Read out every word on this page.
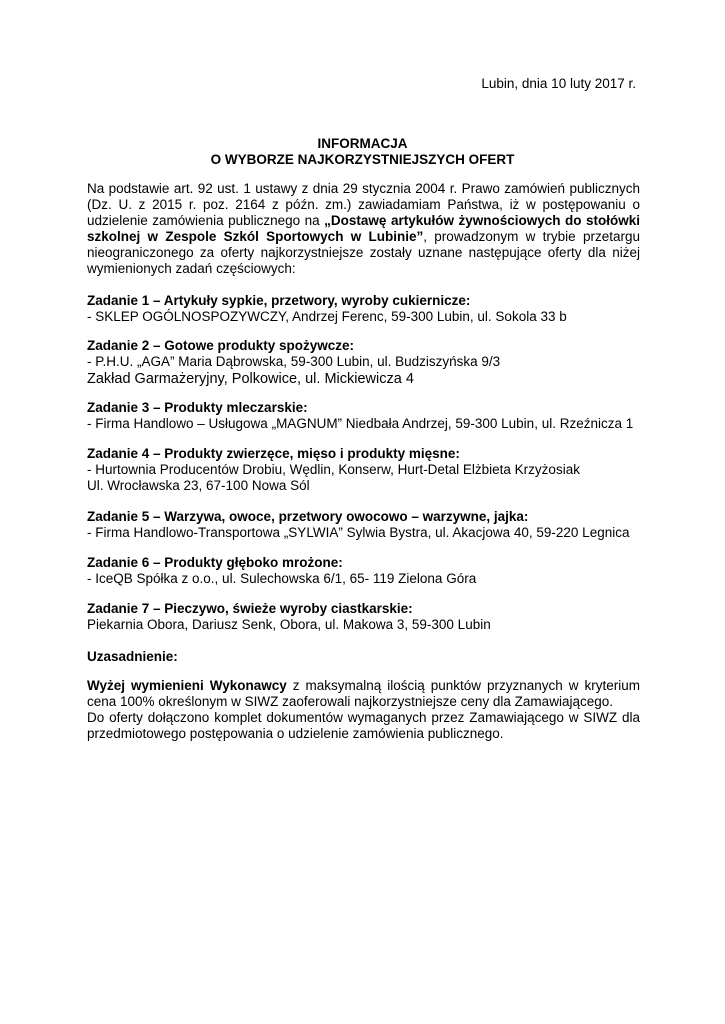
Lubin, dnia 10 luty 2017 r.
INFORMACJA
O WYBORZE NAJKORZYSTNIEJSZYCH OFERT
Na podstawie art. 92 ust. 1 ustawy z dnia 29 stycznia 2004 r. Prawo zamówień publicznych (Dz. U. z 2015 r. poz. 2164 z późn. zm.) zawiadamiam Państwa, iż w postępowaniu o udzielenie zamówienia publicznego na „Dostawę artykułów żywnościowych do stołówki szkolnej w Zespole Szkól Sportowych w Lubinie”, prowadzonym w trybie przetargu nieograniczonego za oferty najkorzystniejsze zostały uznane następujące oferty dla niżej wymienionych zadań częściowych:
Zadanie 1 – Artykuły sypkie, przetwory, wyroby cukiernicze:
- SKLEP OGÓLNOSPOZYWCZY, Andrzej Ferenc, 59-300 Lubin, ul. Sokola 33 b
Zadanie 2 – Gotowe produkty spożywcze:
- P.H.U. „AGA” Maria Dąbrowska, 59-300 Lubin, ul. Budziszyńska 9/3
Zakład Garmażeryjny, Polkowice, ul. Mickiewicza 4
Zadanie 3 – Produkty mleczarskie:
- Firma Handlowo – Usługowa „MAGNUM” Niedbała Andrzej, 59-300 Lubin, ul. Rzeźnicza 1
Zadanie 4 – Produkty zwierzęce, mięso i produkty mięsne:
- Hurtownia Producentów Drobiu, Wędlin, Konserw, Hurt-Detal Elżbieta Krzyżosiak
Ul. Wrocławska 23, 67-100 Nowa Sól
Zadanie 5 – Warzywa, owoce, przetwory owocowo – warzywne, jajka:
- Firma Handlowo-Transportowa „SYLWIA” Sylwia Bystra, ul. Akacjowa 40, 59-220 Legnica
Zadanie 6 – Produkty głęboko mrożone:
- IceQB Spółka z o.o., ul. Sulechowska 6/1, 65- 119 Zielona Góra
Zadanie 7 – Pieczywo, świeże wyroby ciastkarskie:
Piekarnia Obora, Dariusz Senk, Obora, ul. Makowa 3, 59-300 Lubin
Uzasadnienie:
Wyżej wymienieni Wykonawcy z maksymalną ilością punktów przyznanych w kryterium cena 100% określonym w SIWZ zaoferowali najkorzystniejsze ceny dla Zamawiającego.
Do oferty dołączono komplet dokumentów wymaganych przez Zamawiającego w SIWZ dla przedmiotowego postępowania o udzielenie zamówienia publicznego.
